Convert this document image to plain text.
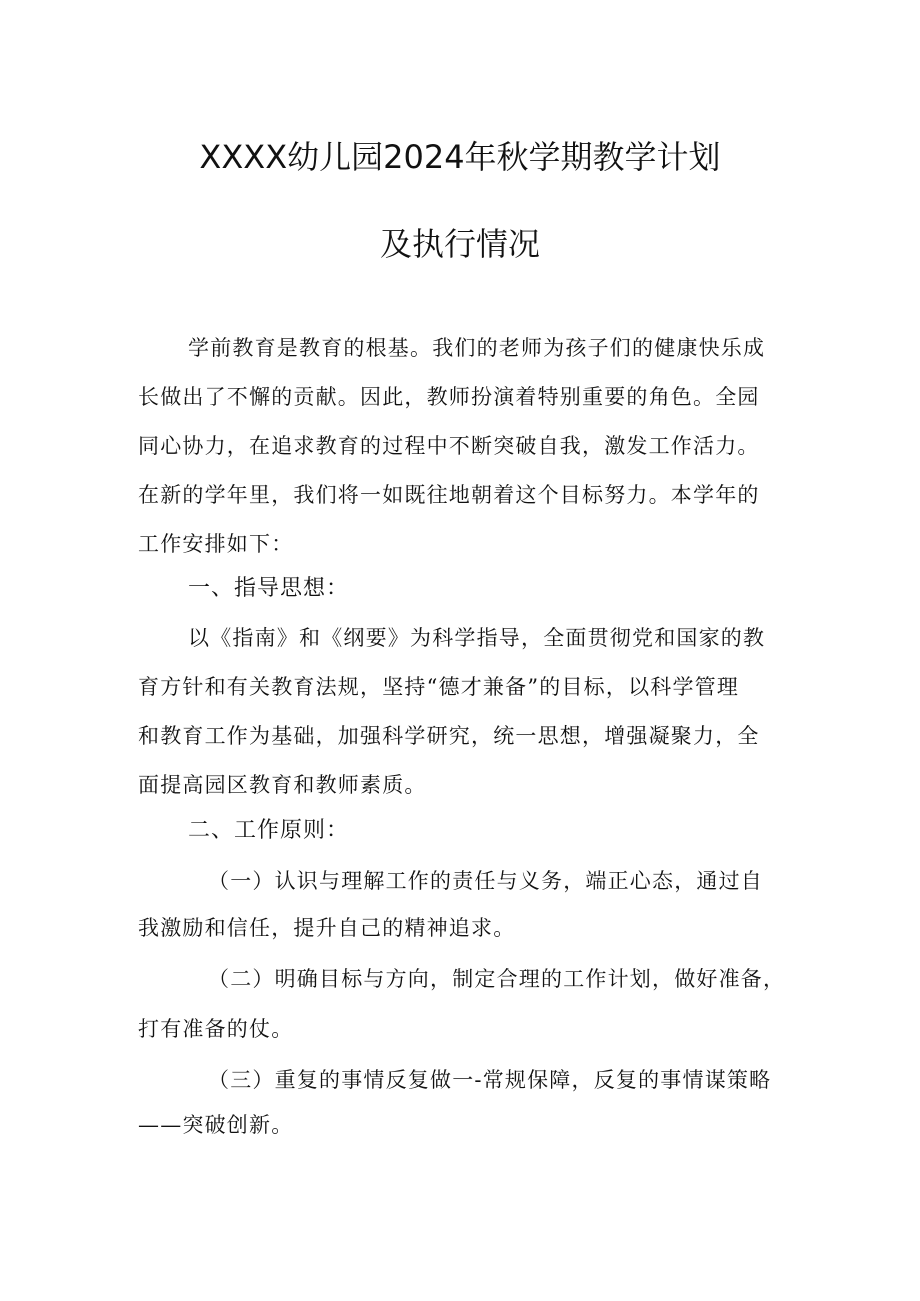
XXXX幼儿园2024年秋学期教学计划
及执行情况
学前教育是教育的根基。我们的老师为孩子们的健康快乐成
长做出了不懈的贡献。因此，教师扮演着特别重要的角色。全园
同心协力，在追求教育的过程中不断突破自我，激发工作活力。
在新的学年里，我们将一如既往地朝着这个目标努力。本学年的
工作安排如下：
一、指导思想：
以《指南》和《纲要》为科学指导，全面贯彻党和国家的教
育方针和有关教育法规，坚持“德才兼备”的目标，以科学管理
和教育工作为基础，加强科学研究，统一思想，增强凝聚力，全
面提高园区教育和教师素质。
二、工作原则：
（一）认识与理解工作的责任与义务，端正心态，通过自
我激励和信任，提升自己的精神追求。
（二）明确目标与方向，制定合理的工作计划，做好准备，
打有准备的仗。
（三）重复的事情反复做一-常规保障，反复的事情谋策略
——突破创新。
